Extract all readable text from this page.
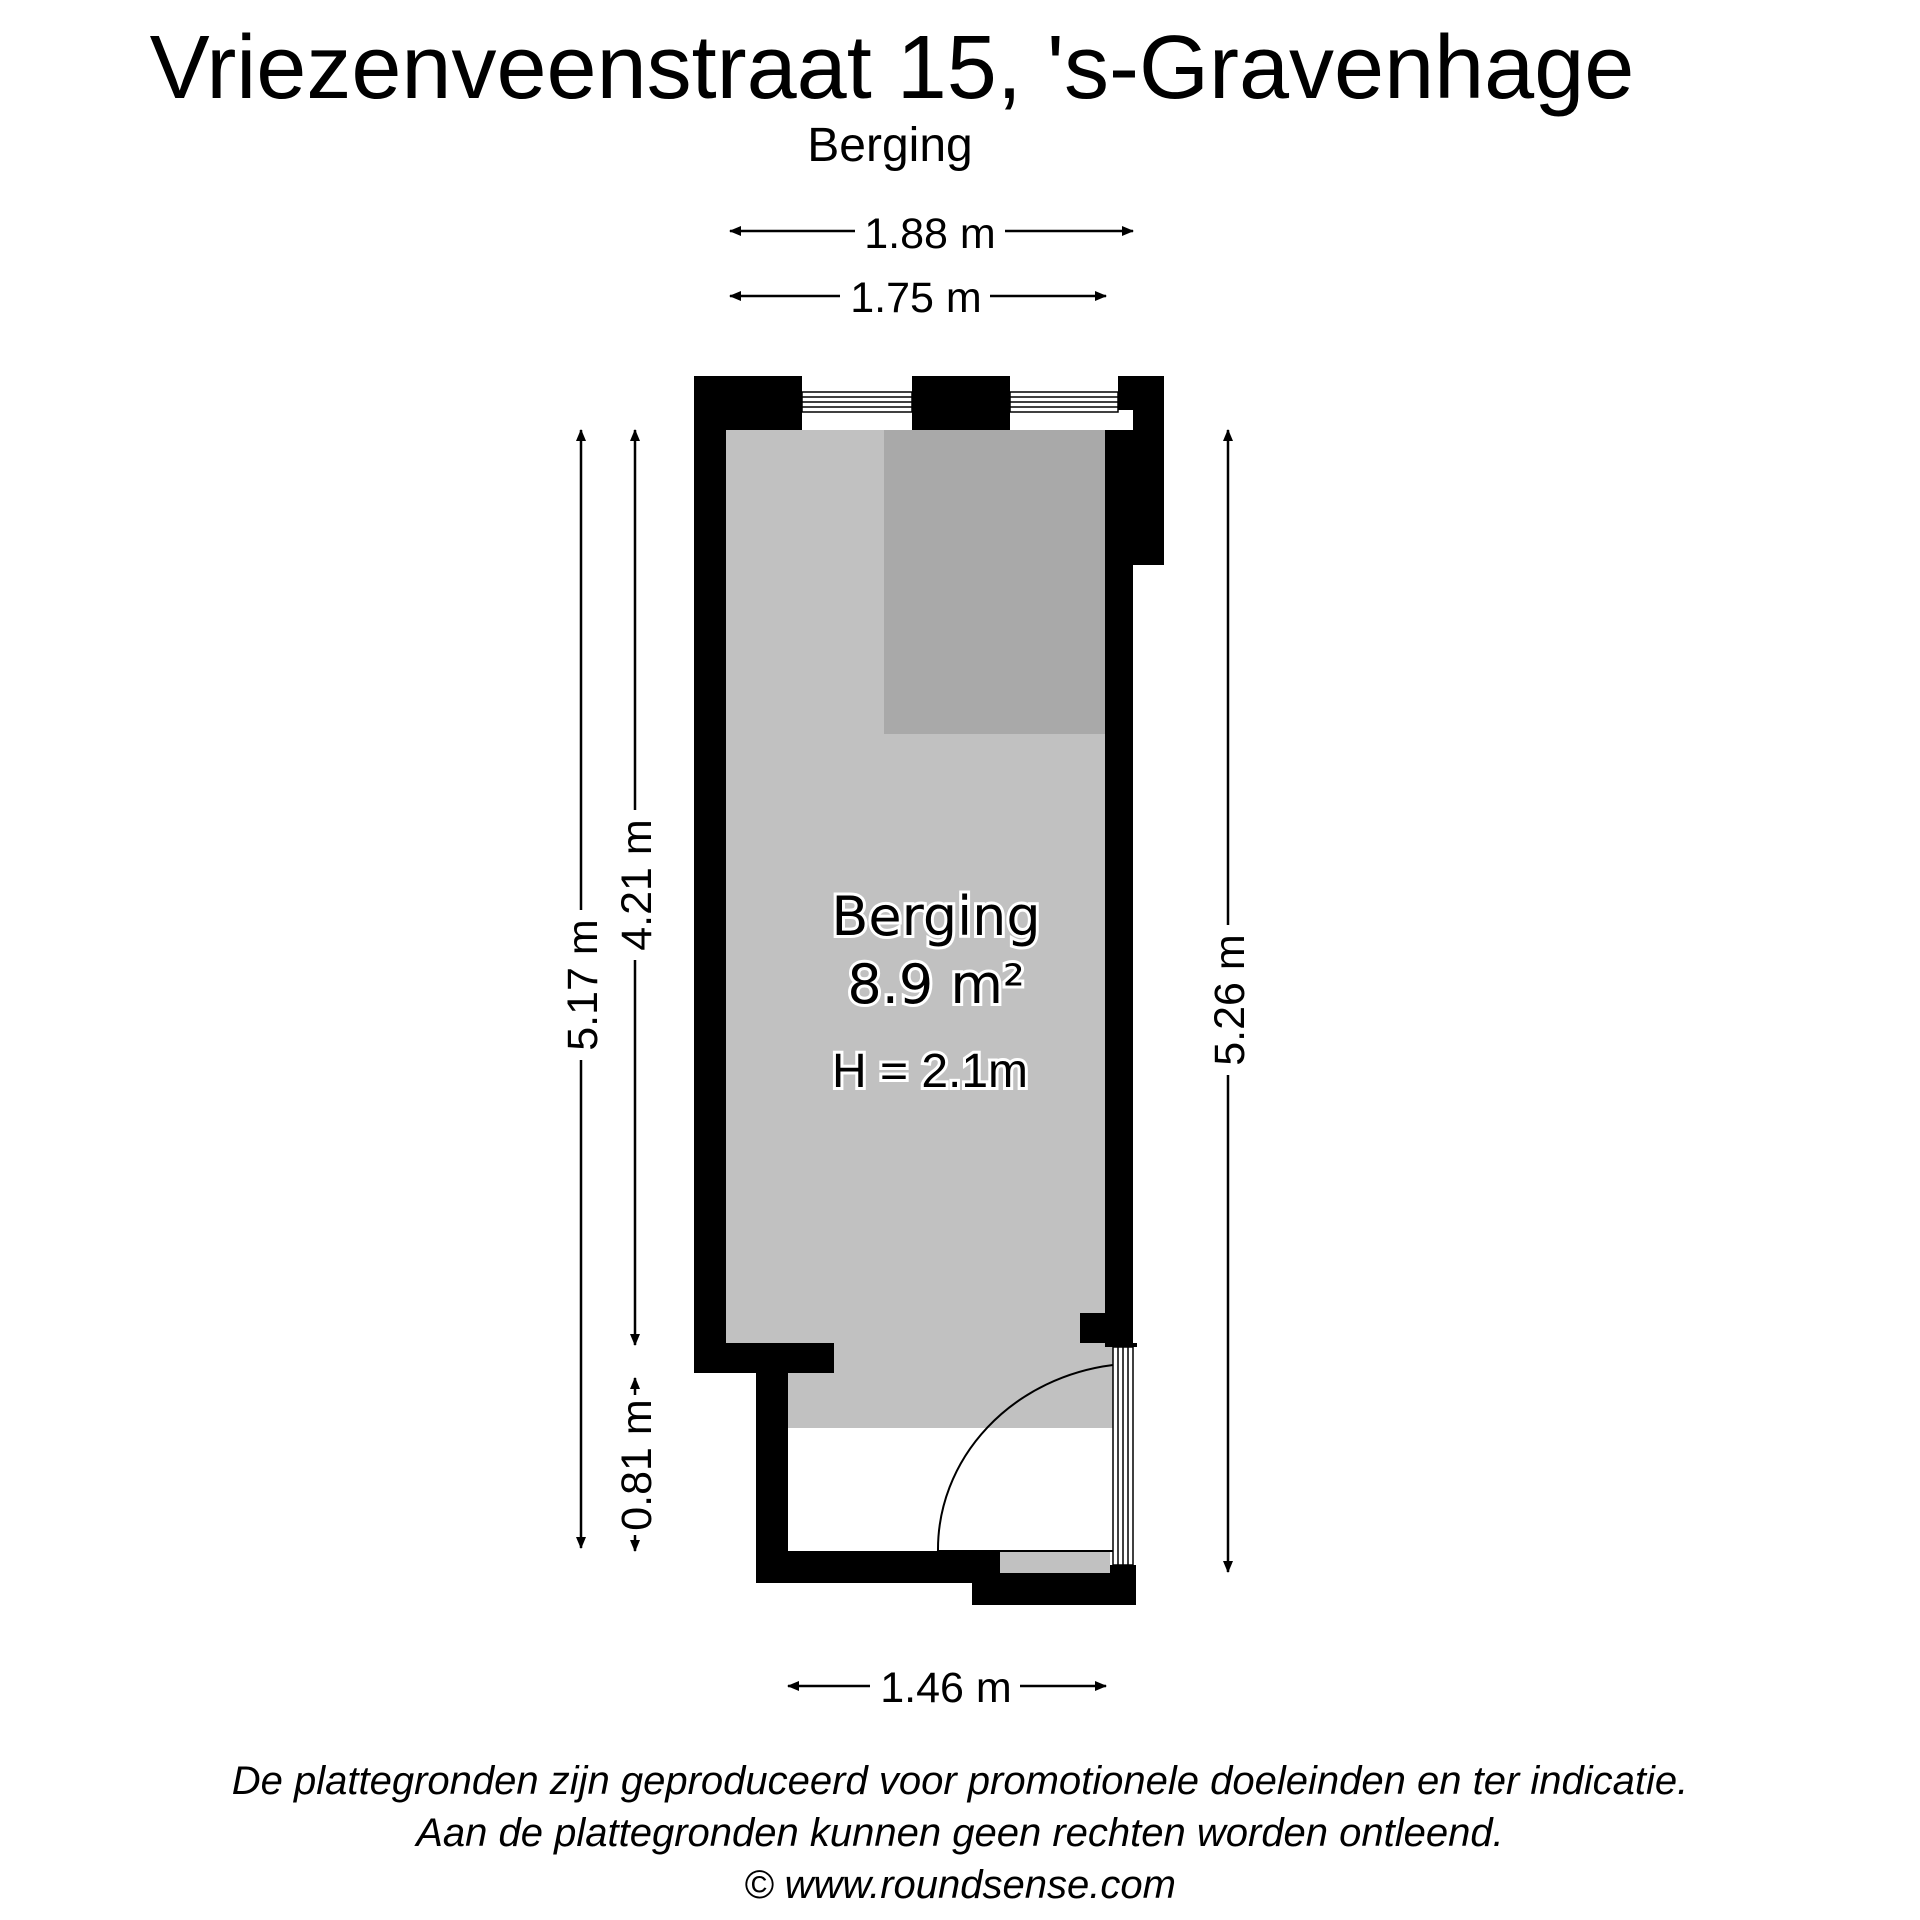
Vriezenveenstraat 15, 's-Gravenhage
Berging
Berging
8.9 m²
H = 2.1m
1.88 m
1.75 m
5.17 m
4.21 m
0.81 m
5.26 m
1.46 m
De plattegronden zijn geproduceerd voor promotionele doeleinden en ter indicatie.
Aan de plattegronden kunnen geen rechten worden ontleend.
© www.roundsense.com
